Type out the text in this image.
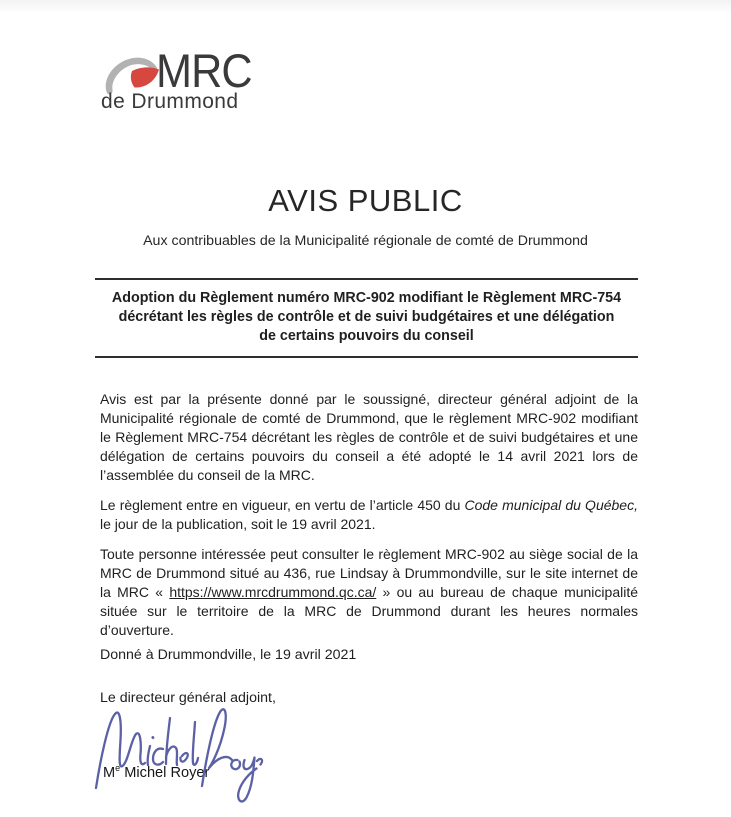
MRC
de Drummond
AVIS PUBLIC
Aux contribuables de la Municipalité régionale de comté de Drummond
Adoption du Règlement numéro MRC-902 modifiant le Règlement MRC-754
décrétant les règles de contrôle et de suivi budgétaires et une délégation
de certains pouvoirs du conseil

Avis est par la présente donné par le soussigné, directeur général adjoint de la Municipalité régionale de comté de Drummond, que le règlement MRC-902 modifiant le Règlement MRC-754 décrétant les règles de contrôle et de suivi budgétaires et une délégation de certains pouvoirs du conseil a été adopté le 14 avril 2021 lors de l’assemblée du conseil de la MRC.

Le règlement entre en vigueur, en vertu de l’article 450 du Code municipal du Québec, le jour de la publication, soit le 19 avril 2021.

Toute personne intéressée peut consulter le règlement MRC-902 au siège social de la MRC de Drummond situé au 436, rue Lindsay à Drummondville, sur le site internet de la MRC « https://www.mrcdrummond.qc.ca/ » ou au bureau de chaque municipalité située sur le territoire de la MRC de Drummond durant les heures normales d’ouverture.

Donné à Drummondville, le 19 avril 2021
Le directeur général adjoint,
Me Michel Royer
